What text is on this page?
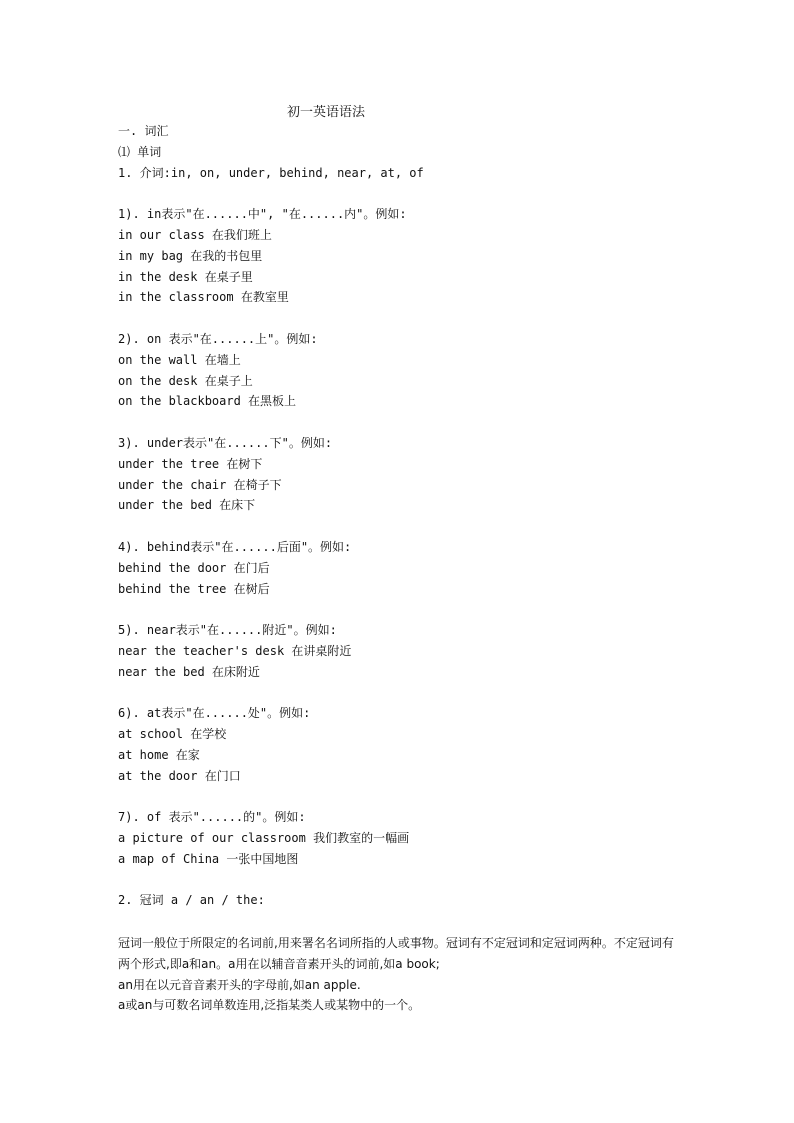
初一英语语法
一. 词汇
⑴ 单词
1. 介词:in, on, under, behind, near, at, of
1). in表示"在......中", "在......内"。例如:
in our class 在我们班上
in my bag 在我的书包里
in the desk 在桌子里
in the classroom 在教室里
2). on 表示"在......上"。例如:
on the wall 在墙上
on the desk 在桌子上
on the blackboard 在黑板上
3). under表示"在......下"。例如:
under the tree 在树下
under the chair 在椅子下
under the bed 在床下
4). behind表示"在......后面"。例如:
behind the door 在门后
behind the tree 在树后
5). near表示"在......附近"。例如:
near the teacher's desk 在讲桌附近
near the bed 在床附近
6). at表示"在......处"。例如:
at school 在学校
at home 在家
at the door 在门口
7). of 表示"......的"。例如:
a picture of our classroom 我们教室的一幅画
a map of China 一张中国地图
2. 冠词 a / an / the:
冠词一般位于所限定的名词前,用来署名名词所指的人或事物。冠词有不定冠词和定冠词两种。不定冠词有两个形式,即a和an。a用在以辅音音素开头的词前,如a book;
an用在以元音音素开头的字母前,如an apple.
a或an与可数名词单数连用,泛指某类人或某物中的一个。
